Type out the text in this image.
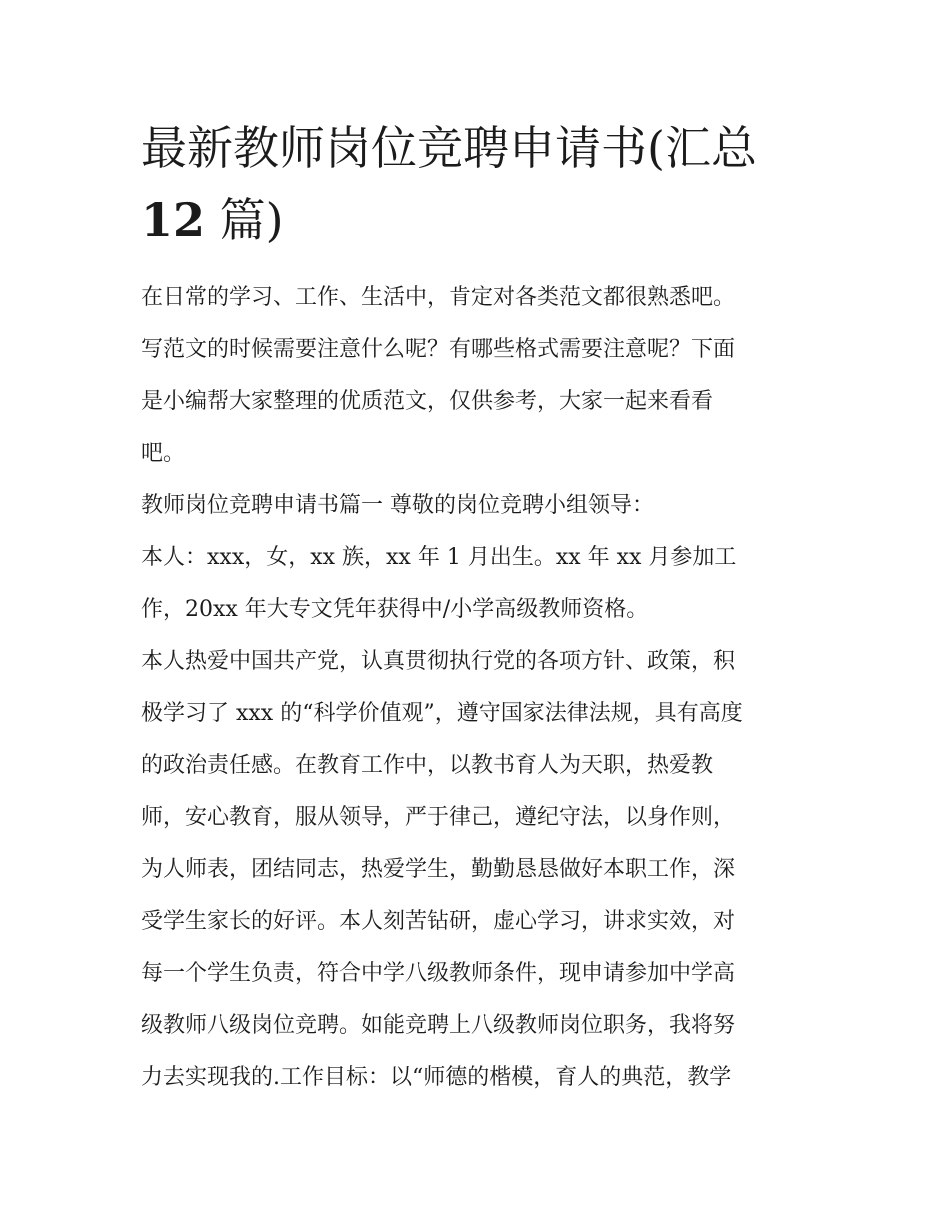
最新教师岗位竞聘申请书(汇总
12 篇)
在日常的学习、工作、生活中，肯定对各类范文都很熟悉吧。
写范文的时候需要注意什么呢？有哪些格式需要注意呢？下面
是小编帮大家整理的优质范文，仅供参考，大家一起来看看
吧。
教师岗位竞聘申请书篇一 尊敬的岗位竞聘小组领导：
本人：xxx，女，xx 族，xx 年 1 月出生。xx 年 xx 月参加工
作，20xx 年大专文凭年获得中/小学高级教师资格。
本人热爱中国共产党，认真贯彻执行党的各项方针、政策，积
极学习了 xxx 的“科学价值观”，遵守国家法律法规，具有高度
的政治责任感。在教育工作中，以教书育人为天职，热爱教
师，安心教育，服从领导，严于律己，遵纪守法，以身作则，
为人师表，团结同志，热爱学生，勤勤恳恳做好本职工作，深
受学生家长的好评。本人刻苦钻研，虚心学习，讲求实效，对
每一个学生负责，符合中学八级教师条件，现申请参加中学高
级教师八级岗位竞聘。如能竞聘上八级教师岗位职务，我将努
力去实现我的.工作目标：以“师德的楷模，育人的典范，教学
